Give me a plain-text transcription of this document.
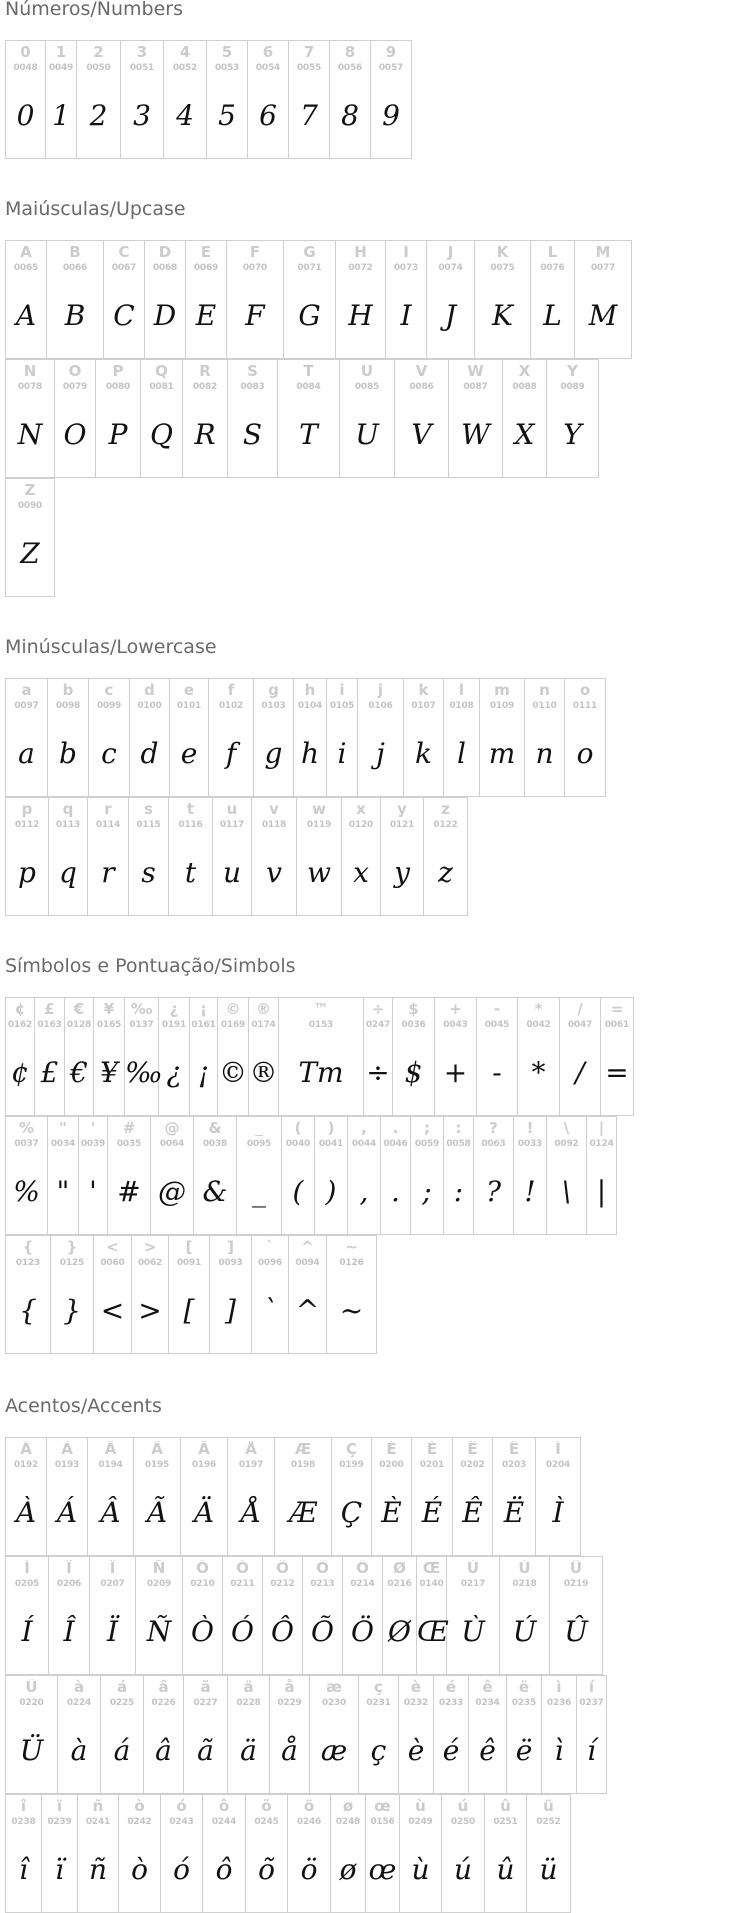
Números/Numbers
0
0048
0
1
0049
1
2
0050
2
3
0051
3
4
0052
4
5
0053
5
6
0054
6
7
0055
7
8
0056
8
9
0057
9
Maiúsculas/Upcase
A
0065
A
B
0066
B
C
0067
C
D
0068
D
E
0069
E
F
0070
F
G
0071
G
H
0072
H
I
0073
I
J
0074
J
K
0075
K
L
0076
L
M
0077
M
N
0078
N
O
0079
O
P
0080
P
Q
0081
Q
R
0082
R
S
0083
S
T
0084
T
U
0085
U
V
0086
V
W
0087
W
X
0088
X
Y
0089
Y
Z
0090
Z
Minúsculas/Lowercase
a
0097
a
b
0098
b
c
0099
c
d
0100
d
e
0101
e
f
0102
f
g
0103
g
h
0104
h
i
0105
i
j
0106
j
k
0107
k
l
0108
l
m
0109
m
n
0110
n
o
0111
o
p
0112
p
q
0113
q
r
0114
r
s
0115
s
t
0116
t
u
0117
u
v
0118
v
w
0119
w
x
0120
x
y
0121
y
z
0122
z
Símbolos e Pontuação/Simbols
¢
0162
¢
£
0163
£
€
0128
€
¥
0165
¥
‰
0137
‰
¿
0191
¿
¡
0161
¡
©
0169
©
®
0174
®
™
0153
Tm
÷
0247
÷
$
0036
$
+
0043
+
-
0045
-
*
0042
*
/
0047
/
=
0061
=
%
0037
%
"
0034
"
'
0039
'
#
0035
#
@
0064
@
&
0038
&
_
0095
_
(
0040
(
)
0041
)
,
0044
,
.
0046
.
;
0059
;
:
0058
:
?
0063
?
!
0033
!
\
0092
\
|
0124
|
{
0123
{
}
0125
}
<
0060
<
>
0062
>
[
0091
[
]
0093
]
`
0096
`
^
0094
^
~
0126
~
Acentos/Accents
À
0192
À
Á
0193
Á
Â
0194
Â
Ã
0195
Ã
Ä
0196
Ä
Å
0197
Å
Æ
0198
Æ
Ç
0199
Ç
È
0200
È
É
0201
É
Ê
0202
Ê
Ë
0203
Ë
Ì
0204
Ì
Í
0205
Í
Î
0206
Î
Ï
0207
Ï
Ñ
0209
Ñ
Ò
0210
Ò
Ó
0211
Ó
Ô
0212
Ô
Õ
0213
Õ
Ö
0214
Ö
Ø
0216
Ø
Œ
0140
Œ
Ù
0217
Ù
Ú
0218
Ú
Û
0219
Û
Ü
0220
Ü
à
0224
à
á
0225
á
â
0226
â
ã
0227
ã
ä
0228
ä
å
0229
å
æ
0230
æ
ç
0231
ç
è
0232
è
é
0233
é
ê
0234
ê
ë
0235
ë
ì
0236
ì
í
0237
í
î
0238
î
ï
0239
ï
ñ
0241
ñ
ò
0242
ò
ó
0243
ó
ô
0244
ô
õ
0245
õ
ö
0246
ö
ø
0248
ø
œ
0156
œ
ù
0249
ù
ú
0250
ú
û
0251
û
ü
0252
ü
